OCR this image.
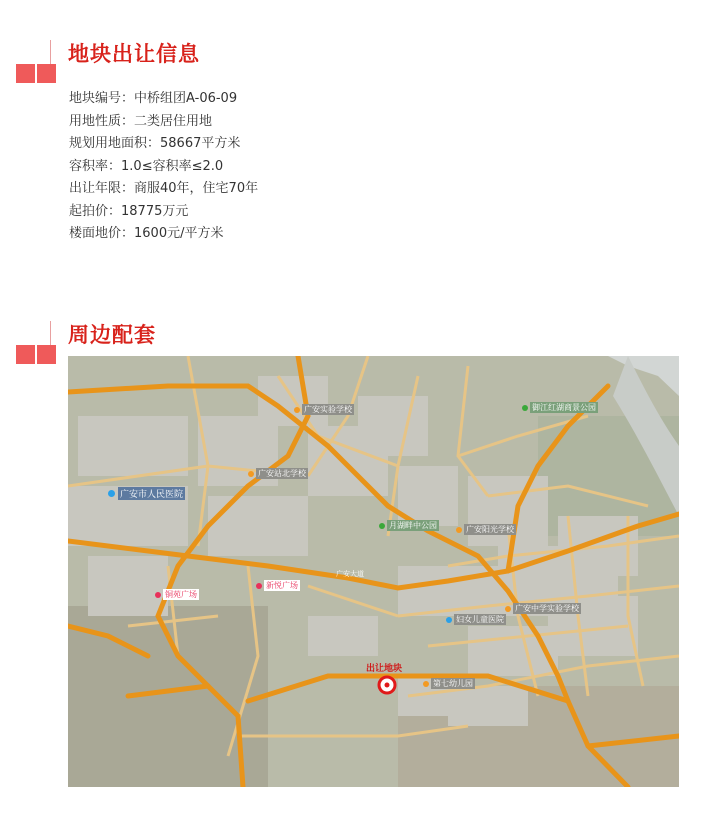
地块出让信息
地块编号：中桥组团A-06-09
用地性质：二类居住用地
规划用地面积：58667平方米
容积率：1.0≤容积率≤2.0
出让年限：商服40年，住宅70年
起拍价：18775万元
楼面地价：1600元/平方米
周边配套
出让地块
广安大道
广安实验学校	御江红湖商景公园
广安站北学校
广安市人民医院
月湖畔中公园	广安阳光学校
新悦广场
铜苑广场
广安中学实验学校
妇女儿童医院
第七幼儿园
